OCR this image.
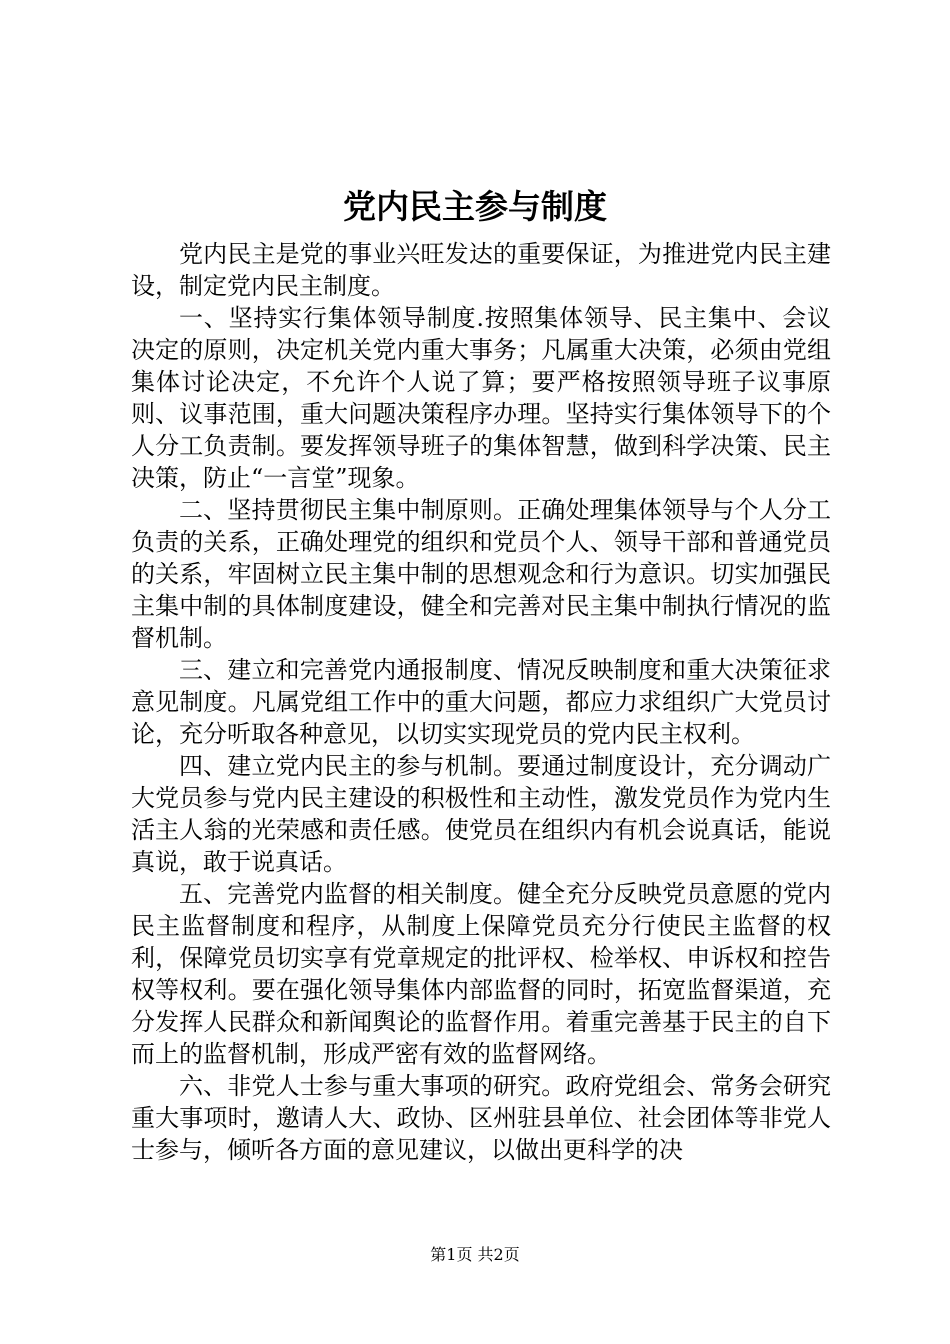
党内民主参与制度

党内民主是党的事业兴旺发达的重要保证，为推进党内民主建设，制定党内民主制度。

一、坚持实行集体领导制度.按照集体领导、民主集中、会议决定的原则，决定机关党内重大事务；凡属重大决策，必须由党组集体讨论决定，不允许个人说了算；要严格按照领导班子议事原则、议事范围，重大问题决策程序办理。坚持实行集体领导下的个人分工负责制。要发挥领导班子的集体智慧，做到科学决策、民主决策，防止“一言堂”现象。

二、坚持贯彻民主集中制原则。正确处理集体领导与个人分工负责的关系，正确处理党的组织和党员个人、领导干部和普通党员的关系，牢固树立民主集中制的思想观念和行为意识。切实加强民主集中制的具体制度建设，健全和完善对民主集中制执行情况的监督机制。

三、建立和完善党内通报制度、情况反映制度和重大决策征求意见制度。凡属党组工作中的重大问题，都应力求组织广大党员讨论，充分听取各种意见，以切实实现党员的党内民主权利。

四、建立党内民主的参与机制。要通过制度设计，充分调动广大党员参与党内民主建设的积极性和主动性，激发党员作为党内生活主人翁的光荣感和责任感。使党员在组织内有机会说真话，能说真说，敢于说真话。

五、完善党内监督的相关制度。健全充分反映党员意愿的党内民主监督制度和程序，从制度上保障党员充分行使民主监督的权利，保障党员切实享有党章规定的批评权、检举权、申诉权和控告权等权利。要在强化领导集体内部监督的同时，拓宽监督渠道，充分发挥人民群众和新闻舆论的监督作用。着重完善基于民主的自下而上的监督机制，形成严密有效的监督网络。

六、非党人士参与重大事项的研究。政府党组会、常务会研究重大事项时，邀请人大、政协、区州驻县单位、社会团体等非党人士参与，倾听各方面的意见建议，以做出更科学的决

第1页 共2页
